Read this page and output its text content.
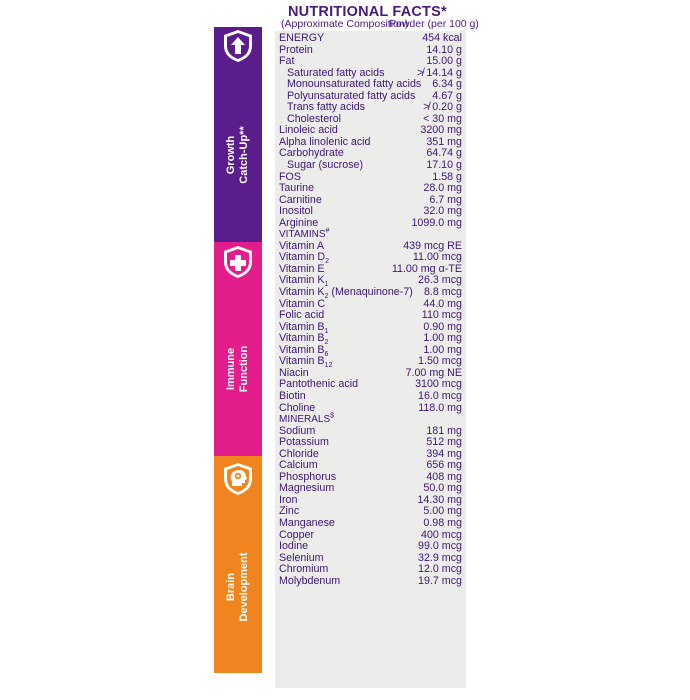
NUTRITIONAL FACTS*
(Approximate Composition)
Powder (per 100 g)
Growth Catch-Up**
Immune Function
Brain Development
ENERGY	454 kcal
Protein	14.10 g
Fat	15.00 g
Saturated fatty acids	≯ 14.14 g
Monounsaturated fatty acids 6.34 g
Polyunsaturated fatty acids 4.67 g
Trans fatty acids	≯ 0.20 g
Cholesterol	< 30 mg
Linoleic acid	3200 mg
Alpha linolenic acid	351 mg
Carbohydrate	64.74 g
Sugar (sucrose)	17.10 g
FOS	1.58 g
Taurine	28.0 mg
Carnitine	6.7 mg
Inositol	32.0 mg
Arginine	1099.0 mg
VITAMINS#
Vitamin A	439 mcg RE
Vitamin $D_2$	11.00 mcg
Vitamin E	11.00 mg α-TE
Vitamin $K_1$	26.3 mcg
Vitamin $K_2$ (Menaquinone-7) 8.8 mcg
Vitamin C	44.0 mg
Folic acid	110 mcg
Vitamin $B_1$	0.90 mg
Vitamin $B_2$	1.00 mg
Vitamin $B_6$	1.00 mg
Vitamin $B_{12}$	1.50 mcg
Niacin	7.00 mg NE
Pantothenic acid	3100 mcg
Biotin	16.0 mcg
Choline	118.0 mg
MINERALS$
Sodium	181 mg
Potassium	512 mg
Chloride	394 mg
Calcium	656 mg
Phosphorus	408 mg
Magnesium	50.0 mg
Iron	14.30 mg
Zinc	5.00 mg
Manganese	0.98 mg
Copper	400 mcg
Iodine	99.0 mcg
Selenium	32.9 mcg
Chromium	12.0 mcg
Molybdenum	19.7 mcg
